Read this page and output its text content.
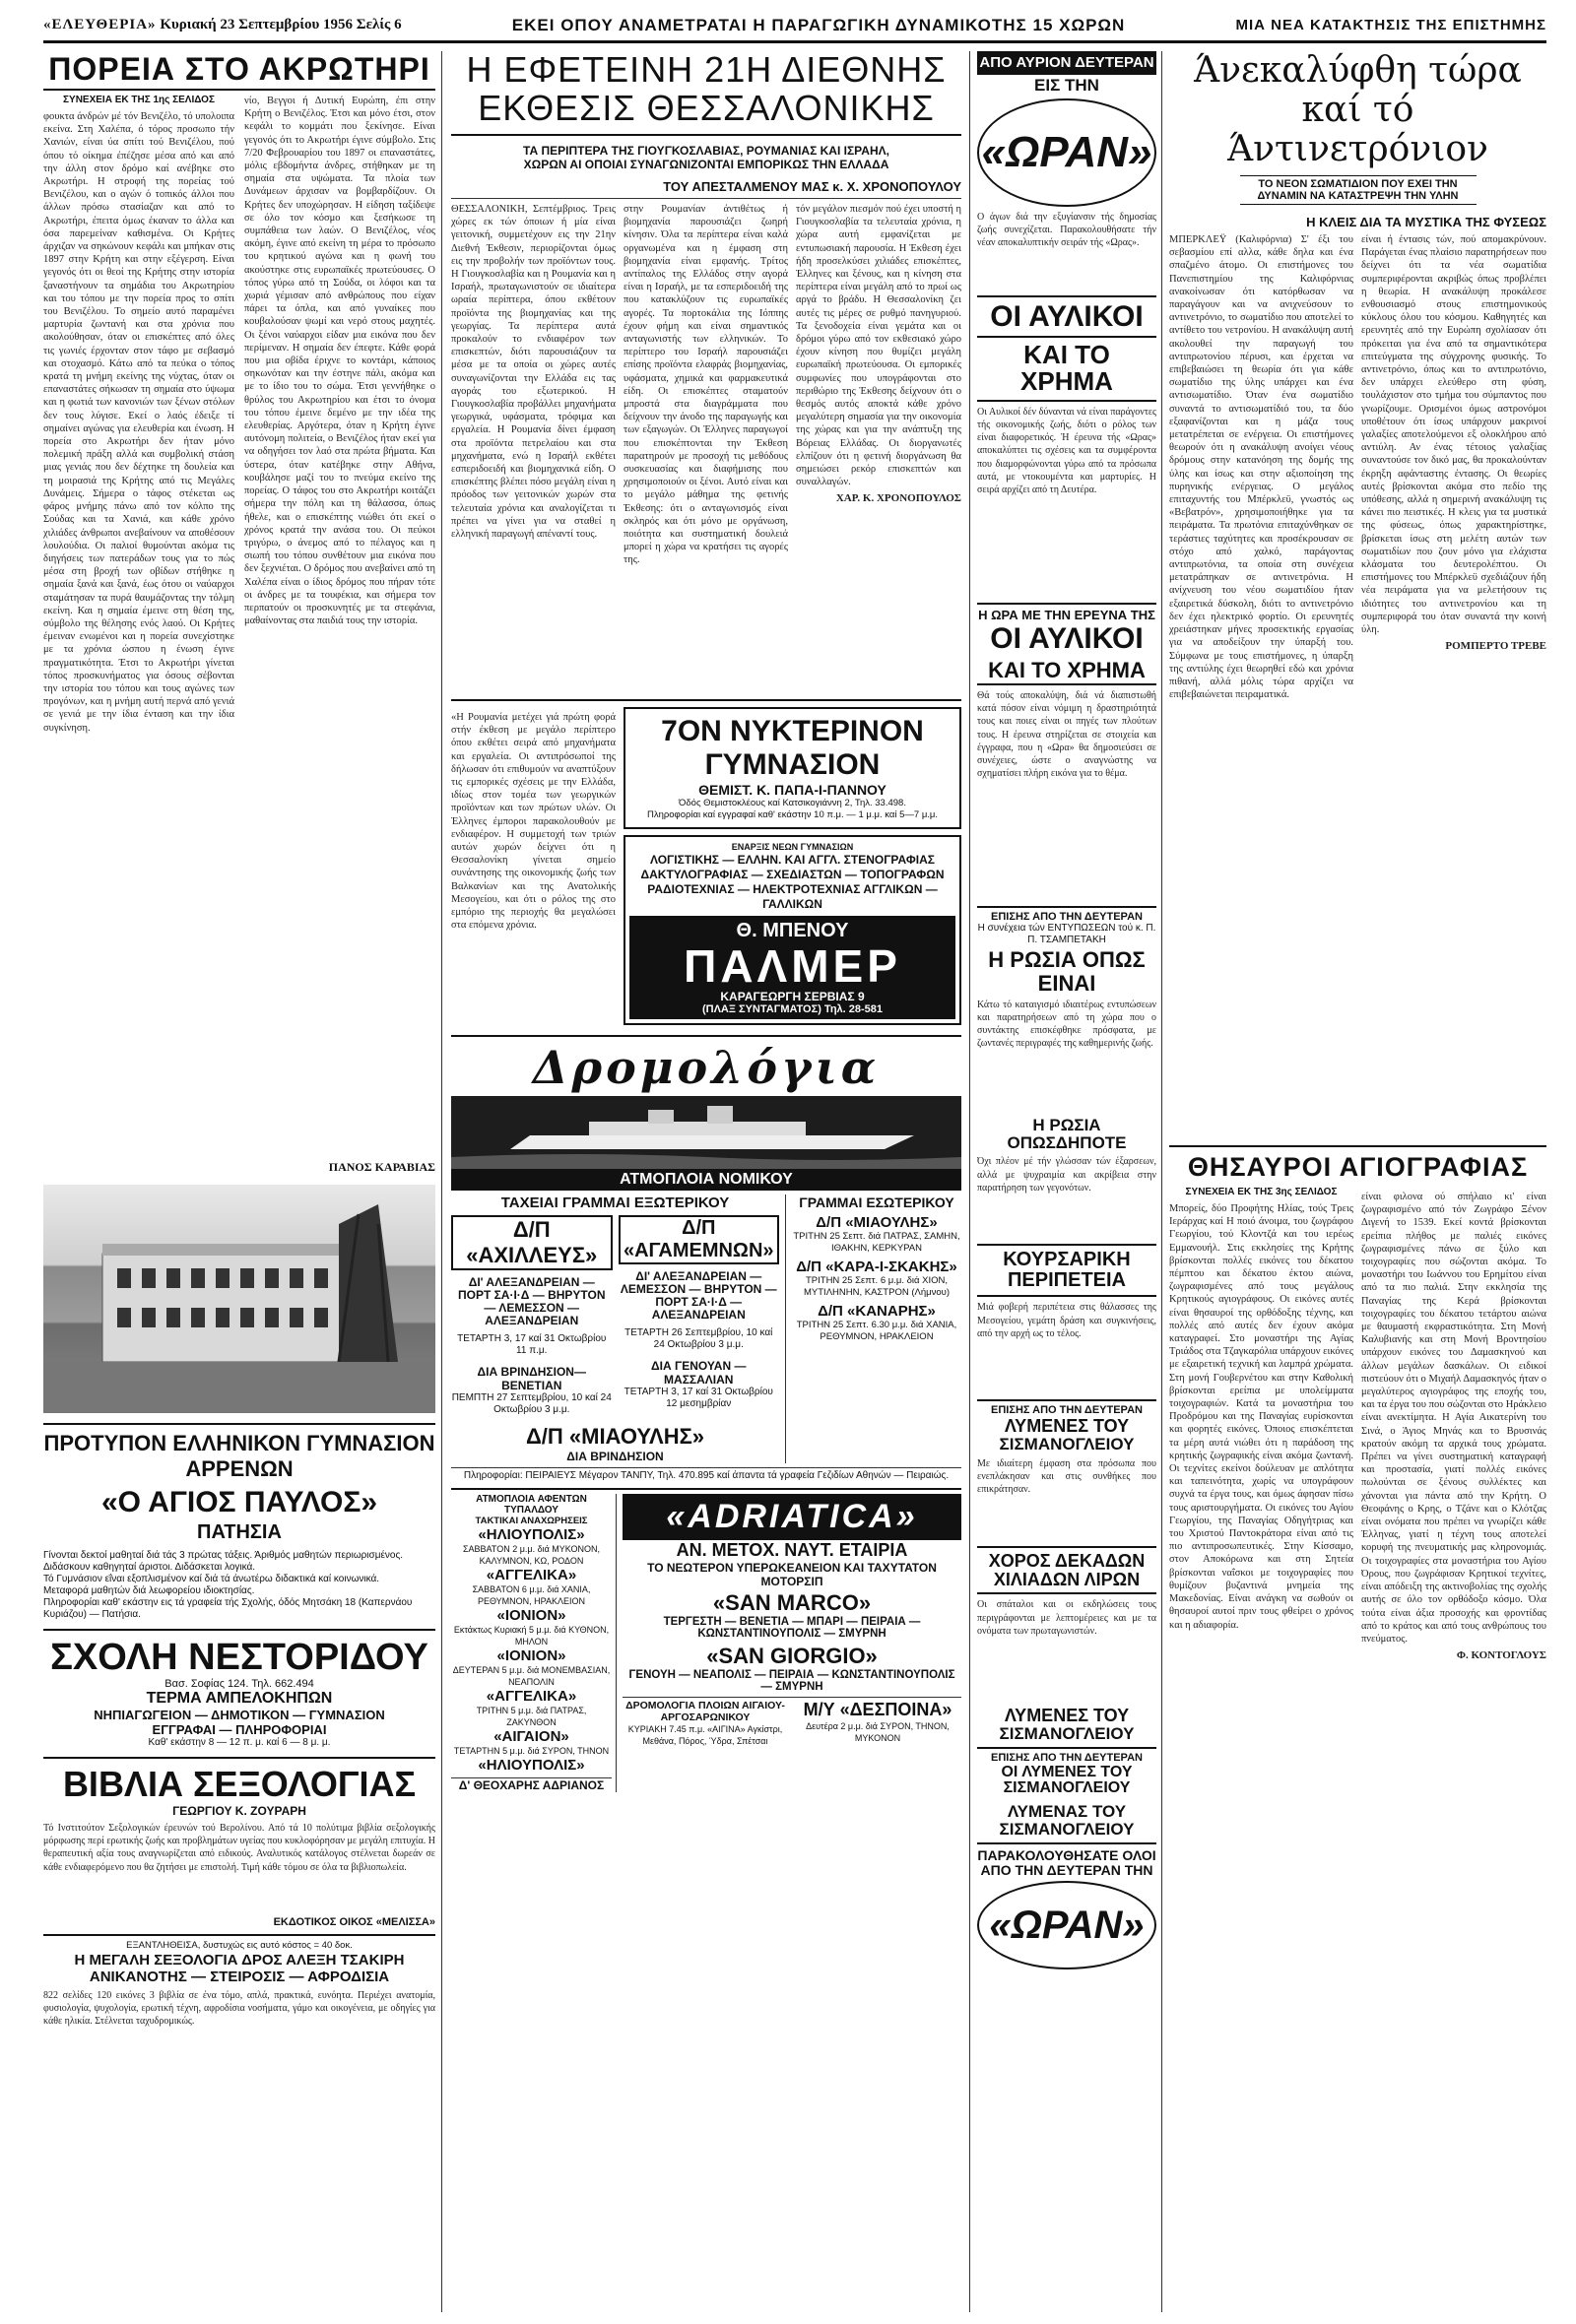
«ΕΛΕΥΘΕΡΙΑ» Κυριακή 23 Σεπτεμβρίου 1956 Σελίς 6	ΕΚΕΙ ΟΠΟΥ ΑΝΑΜΕΤΡΑΤΑΙ Η ΠΑΡΑΓΩΓΙΚΗ ΔΥΝΑΜΙΚΟΤΗΣ 15 ΧΩΡΩΝ	ΜΙΑ ΝΕΑ ΚΑΤΑΚΤΗΣΙΣ ΤΗΣ ΕΠΙΣΤΗΜΗΣ
ΠΟΡΕΙΑ ΣΤΟ ΑΚΡΩΤΗΡΙ
ΣΥΝΕΧΕΙΑ ΕΚ ΤΗΣ 1ης ΣΕΛΙΔΟΣ
φουκτα άνδρών μέ τόν Βενιζέλο, τό υπολοιπα εκείνα. Στη Χαλέπα, ό τόρος προσωπο τήν Χανιών, είναι ύα σπίτι τού Βενιζέλου, πού όπου τό οίκημα έπέζησε μέσα από και από την άλλη στον δρόμο καί ανέβηκε στο Ακρωτήρι. Η στροφή της πορείας τού Βενιζέλου, και ο αγών ό τοπικός άλλοι που άλλων πρόσω στασίαζαν και από το Ακρωτήρι, έπειτα όμως έκαναν το άλλα και όσα παρεμείναν καθισμένα. Οι Κρήτες άρχιζαν να σηκώνουν κεφάλι και μπήκαν στις 1897 στην Κρήτη και στην εξέγερση. Είναι γεγονός ότι οι θεοί της Κρήτης στην ιστορία ξαναστήνουν τα σημάδια του Ακρωτηρίου και του τόπου με την πορεία προς το σπίτι του Βενιζέλου. Το σημείο αυτό παραμένει μαρτυρία ζωντανή και στα χρόνια που ακολούθησαν, όταν οι επισκέπτες από όλες τις γωνιές έρχονταν στον τάφο με σεβασμό και στοχασμό. Κάτω από τα πεύκα ο τόπος κρατά τη μνήμη εκείνης της νύχτας, όταν οι επαναστάτες σήκωσαν τη σημαία στο ύψωμα και η φωτιά των κανονιών των ξένων στόλων δεν τους λύγισε. Εκεί ο λαός έδειξε τί σημαίνει αγώνας για ελευθερία και ένωση. Η πορεία στο Ακρωτήρι δεν ήταν μόνο πολεμική πράξη αλλά και συμβολική στάση μιας γενιάς που δεν δέχτηκε τη δουλεία και τη μοιρασιά της Κρήτης από τις Μεγάλες Δυνάμεις. Σήμερα ο τάφος στέκεται ως φάρος μνήμης πάνω από τον κόλπο της Σούδας και τα Χανιά, και κάθε χρόνο χιλιάδες άνθρωποι ανεβαίνουν να αποθέσουν λουλούδια. Οι παλιοί θυμούνται ακόμα τις διηγήσεις των πατεράδων τους για το πώς μέσα στη βροχή των οβίδων στήθηκε η σημαία ξανά και ξανά, έως ότου οι ναύαρχοι σταμάτησαν τα πυρά θαυμάζοντας την τόλμη εκείνη. Και η σημαία έμεινε στη θέση της, σύμβολο της θέλησης ενός λαού. Οι Κρήτες έμειναν ενωμένοι και η πορεία συνεχίστηκε με τα χρόνια ώσπου η ένωση έγινε πραγματικότητα. Έτσι το Ακρωτήρι γίνεται τόπος προσκυνήματος για όσους σέβονται την ιστορία του τόπου και τους αγώνες των προγόνων, και η μνήμη αυτή περνά από γενιά σε γενιά με την ίδια ένταση και την ίδια συγκίνηση.
νίο, Βεγγοι ή Δυτική Ευρώπη, έπι στην Κρήτη ο Βενιζέλος. Έτσι και μόνο έτσι, στον κεφάλι το κομμάτι που ξεκίνησε. Είναι γεγονός ότι το Ακρωτήρι έγινε σύμβολο. Στις 7/20 Φεβρουαρίου του 1897 οι επαναστάτες, μόλις εβδομήντα άνδρες, στήθηκαν με τη σημαία στα υψώματα. Τα πλοία των Δυνάμεων άρχισαν να βομβαρδίζουν. Οι Κρήτες δεν υποχώρησαν. Η είδηση ταξίδεψε σε όλο τον κόσμο και ξεσήκωσε τη συμπάθεια των λαών. Ο Βενιζέλος, νέος ακόμη, έγινε από εκείνη τη μέρα το πρόσωπο του κρητικού αγώνα και η φωνή του ακούστηκε στις ευρωπαϊκές πρωτεύουσες. Ο τόπος γύρω από τη Σούδα, οι λόφοι και τα χωριά γέμισαν από ανθρώπους που είχαν πάρει τα όπλα, και από γυναίκες που κουβαλούσαν ψωμί και νερό στους μαχητές. Οι ξένοι ναύαρχοι είδαν μια εικόνα που δεν περίμεναν. Η σημαία δεν έπεφτε. Κάθε φορά που μια οβίδα έριχνε το κοντάρι, κάποιος σηκωνόταν και την έστηνε πάλι, ακόμα και με το ίδιο του το σώμα. Έτσι γεννήθηκε ο θρύλος του Ακρωτηρίου και έτσι το όνομα του τόπου έμεινε δεμένο με την ιδέα της ελευθερίας. Αργότερα, όταν η Κρήτη έγινε αυτόνομη πολιτεία, ο Βενιζέλος ήταν εκεί για να οδηγήσει τον λαό στα πρώτα βήματα. Και ύστερα, όταν κατέβηκε στην Αθήνα, κουβάλησε μαζί του το πνεύμα εκείνο της πορείας. Ο τάφος του στο Ακρωτήρι κοιτάζει σήμερα την πόλη και τη θάλασσα, όπως ήθελε, και ο επισκέπτης νιώθει ότι εκεί ο χρόνος κρατά την ανάσα του. Οι πεύκοι τριγύρω, ο άνεμος από το πέλαγος και η σιωπή του τόπου συνθέτουν μια εικόνα που δεν ξεχνιέται. Ο δρόμος που ανεβαίνει από τη Χαλέπα είναι ο ίδιος δρόμος που πήραν τότε οι άνδρες με τα τουφέκια, και σήμερα τον περπατούν οι προσκυνητές με τα στεφάνια, μαθαίνοντας στα παιδιά τους την ιστορία.
ΠΑΝΟΣ ΚΑΡΑΒΙΑΣ
ΠΡΟΤΥΠΟΝ ΕΛΛΗΝΙΚΟΝ ΓΥΜΝΑΣΙΟΝ ΑΡΡΕΝΩΝ
«Ο ΑΓΙΟΣ ΠΑΥΛΟΣ»
ΠΑΤΗΣΙΑ
Γίνονται δεκτοί μαθηταί διά τάς 3 πρώτας τάξεις. Άριθμός μαθητών περιωρισμένος.
Διδάσκουν καθηγηταί άριστοι. Διδάσκεται λογικά.
Τό Γυμνάσιον εΐναι εξοπλισμένον καί διά τά άνωτέρω διδακτικά καί κοινωνικά.
Μεταφορά μαθητών διά λεωφορείου ιδιοκτησίας.
Πληροφορίαι καθ' εκάστην εις τά γραφεία τής Σχολής, όδός Μητσάκη 18 (Καπερνάου Κυριάζου) — Πατήσια.
ΣΧΟΛΗ ΝΕΣΤΟΡΙΔΟΥ
Βασ. Σοφίας 124. Τηλ. 662.494
ΤΕΡΜΑ ΑΜΠΕΛΟΚΗΠΩΝ
ΝΗΠΙΑΓΩΓΕΙΟΝ — ΔΗΜΟΤΙΚΟΝ — ΓΥΜΝΑΣΙΟΝ
ΕΓΓΡΑΦΑΙ — ΠΛΗΡΟΦΟΡΙΑΙ
Καθ' εκάστην 8 — 12 π. μ. καί 6 — 8 μ. μ.
ΒΙΒΛΙΑ ΣΕΞΟΛΟΓΙΑΣ
ΓΕΩΡΓΙΟΥ Κ. ΖΟΥΡΑΡΗ
Τό Ινστιτούτον Σεξολογικών έρευνών τού Βερολίνου. Από τά 10 πολύτιμα βιβλία σεξολογικής μόρφωσης περί ερωτικής ζωής και προβλημάτων υγείας που κυκλοφόρησαν με μεγάλη επιτυχία. Η θεραπευτική αξία τους αναγνωρίζεται από ειδικούς. Αναλυτικός κατάλογος στέλνεται δωρεάν σε κάθε ενδιαφερόμενο που θα ζητήσει με επιστολή. Τιμή κάθε τόμου σε όλα τα βιβλιοπωλεία.
ΕΚΔΟΤΙΚΟΣ ΟΙΚΟΣ «ΜΕΛΙΣΣΑ»
ΕΞΑΝΤΛΗΘΕΙΣΑ, δυστυχώς εις αυτό κόστος = 40 δοκ.
Η ΜΕΓΑΛΗ ΣΕΞΟΛΟΓΙΑ ΔΡΟΣ ΑΛΕΞΗ ΤΣΑΚΙΡΗ
ΑΝΙΚΑΝΟΤΗΣ — ΣΤΕΙΡΟΣΙΣ — ΑΦΡΟΔΙΣΙΑ
822 σελίδες 120 εικόνες 3 βιβλία σε ένα τόμο, απλά, πρακτικά, ευνόητα. Περιέχει ανατομία, φυσιολογία, ψυχολογία, ερωτική τέχνη, αφροδίσια νοσήματα, γάμο και οικογένεια, με οδηγίες για κάθε ηλικία. Στέλνεται ταχυδρομικώς.
Η ΕΦΕΤΕΙΝΗ 21Η ΔΙΕΘΝΗΣ
ΕΚΘΕΣΙΣ ΘΕΣΣΑΛΟΝΙΚΗΣ
ΤΑ ΠΕΡΙΠΤΕΡΑ ΤΗΣ ΓΙΟΥΓΚΟΣΛΑΒΙΑΣ, ΡΟΥΜΑΝΙΑΣ ΚΑΙ ΙΣΡΑΗΛ,
ΧΩΡΩΝ ΑΙ ΟΠΟΙΑΙ ΣΥΝΑΓΩΝΙΖΟΝΤΑΙ ΕΜΠΟΡΙΚΩΣ ΤΗΝ ΕΛΛΑΔΑ
ΤΟΥ ΑΠΕΣΤΑΛΜΕΝΟΥ ΜΑΣ κ. Χ. ΧΡΟΝΟΠΟΥΛΟΥ
ΘΕΣΣΑΛΟΝΙΚΗ, Σεπτέμβριος. Τρεις χώρες εκ τών όποιων ή μία είναι γειτονική, συμμετέχουν εις την 21ην Διεθνή Έκθεσιν, περιορίζονται όμως εις την προβολήν των προϊόντων τους. Η Γιουγκοσλαβία και η Ρουμανία και η Ισραήλ, πρωταγωνιστούν σε ιδιαίτερα ωραία περίπτερα, όπου εκθέτουν προϊόντα της βιομηχανίας και της γεωργίας. Τα περίπτερα αυτά προκαλούν το ενδιαφέρον των επισκεπτών, διότι παρουσιάζουν τα μέσα με τα οποία οι χώρες αυτές συναγωνίζονται την Ελλάδα εις τας αγοράς του εξωτερικού. Η Γιουγκοσλαβία προβάλλει μηχανήματα γεωργικά, υφάσματα, τρόφιμα και εργαλεία. Η Ρουμανία δίνει έμφαση στα προϊόντα πετρελαίου και στα μηχανήματα, ενώ η Ισραήλ εκθέτει εσπεριδοειδή και βιομηχανικά είδη. Ο επισκέπτης βλέπει πόσο μεγάλη είναι η πρόοδος των γειτονικών χωρών στα τελευταία χρόνια και αναλογίζεται τι πρέπει να γίνει για να σταθεί η ελληνική παραγωγή απέναντί τους.
στην Ρουμανίαν άντιθέτως ή βιομηχανία παρουσιάζει ζωηρή κίνησιν. Όλα τα περίπτερα είναι καλά οργανωμένα και η έμφαση στη βιομηχανία είναι εμφανής. Τρίτος αντίπαλος της Ελλάδος στην αγορά είναι η Ισραήλ, με τα εσπεριδοειδή της που κατακλύζουν τις ευρωπαϊκές αγορές. Τα πορτοκάλια της Ιόππης έχουν φήμη και είναι σημαντικός ανταγωνιστής των ελληνικών. Το περίπτερο του Ισραήλ παρουσιάζει επίσης προϊόντα ελαφράς βιομηχανίας, υφάσματα, χημικά και φαρμακευτικά είδη. Οι επισκέπτες σταματούν μπροστά στα διαγράμματα που δείχνουν την άνοδο της παραγωγής και των εξαγωγών. Οι Έλληνες παραγωγοί που επισκέπτονται την Έκθεση παρατηρούν με προσοχή τις μεθόδους συσκευασίας και διαφήμισης που χρησιμοποιούν οι ξένοι. Αυτό είναι και το μεγάλο μάθημα της φετινής Έκθεσης: ότι ο ανταγωνισμός είναι σκληρός και ότι μόνο με οργάνωση, ποιότητα και συστηματική δουλειά μπορεί η χώρα να κρατήσει τις αγορές της.
τόν μεγάλον πιεσμόν πού έχει υποστή η Γιουγκοσλαβία τα τελευταία χρόνια, η χώρα αυτή εμφανίζεται με εντυπωσιακή παρουσία. Η Έκθεση έχει ήδη προσελκύσει χιλιάδες επισκέπτες, Έλληνες και ξένους, και η κίνηση στα περίπτερα είναι μεγάλη από το πρωί ως αργά το βράδυ. Η Θεσσαλονίκη ζει αυτές τις μέρες σε ρυθμό πανηγυριού. Τα ξενοδοχεία είναι γεμάτα και οι δρόμοι γύρω από τον εκθεσιακό χώρο έχουν κίνηση που θυμίζει μεγάλη ευρωπαϊκή πρωτεύουσα. Οι εμπορικές συμφωνίες που υπογράφονται στο περιθώριο της Έκθεσης δείχνουν ότι ο θεσμός αυτός αποκτά κάθε χρόνο μεγαλύτερη σημασία για την οικονομία της χώρας και για την ανάπτυξη της Βόρειας Ελλάδας. Οι διοργανωτές ελπίζουν ότι η φετινή διοργάνωση θα σημειώσει ρεκόρ επισκεπτών και συναλλαγών.
ΧΑΡ. Κ. ΧΡΟΝΟΠΟΥΛΟΣ
«Η Ρουμανία μετέχει γιά πρώτη φορά στήν έκθεση με μεγάλο περίπτερο όπου εκθέτει σειρά από μηχανήματα και εργαλεία. Οι αντιπρόσωποί της δήλωσαν ότι επιθυμούν να αναπτύξουν τις εμπορικές σχέσεις με την Ελλάδα, ιδίως στον τομέα των γεωργικών προϊόντων και των πρώτων υλών. Οι Έλληνες έμποροι παρακολουθούν με ενδιαφέρον. Η συμμετοχή των τριών αυτών χωρών δείχνει ότι η Θεσσαλονίκη γίνεται σημείο συνάντησης της οικονομικής ζωής των Βαλκανίων και της Ανατολικής Μεσογείου, και ότι ο ρόλος της στο εμπόριο της περιοχής θα μεγαλώσει στα επόμενα χρόνια.
7ΟΝ ΝΥΚΤΕΡΙΝΟΝ ΓΥΜΝΑΣΙΟΝ
ΘΕΜΙΣΤ. Κ. ΠΑΠΑ-Ι-ΠΑΝΝΟΥ
Όδός Θεμιστοκλέους καί Κατσικογιάννη 2, Τηλ. 33.498.
Πληροφορίαι καί εγγραφαί καθ' εκάστην 10 π.μ. — 1 μ.μ. καί 5—7 μ.μ.
ΕΝΑΡΞΙΣ ΝΕΩΝ ΓΥΜΝΑΣΙΩΝ
ΛΟΓΙΣΤΙΚΗΣ — ΕΛΛΗΝ. ΚΑΙ ΑΓΓΛ. ΣΤΕΝΟΓΡΑΦΙΑΣ ΔΑΚΤΥΛΟΓΡΑΦΙΑΣ — ΣΧΕΔΙΑΣΤΩΝ — ΤΟΠΟΓΡΑΦΩΝ ΡΑΔΙΟΤΕΧΝΙΑΣ — ΗΛΕΚΤΡΟΤΕΧΝΙΑΣ ΑΓΓΛΙΚΩΝ — ΓΑΛΛΙΚΩΝ
Θ. ΜΠΕΝΟΥ
ΠΑΛΜΕΡ
ΚΑΡΑΓΕΩΡΓΗ ΣΕΡΒΙΑΣ 9
(ΠΛΑΞ ΣΥΝΤΑΓΜΑΤΟΣ) Τηλ. 28-581
Δρομολόγια
ΑΤΜΟΠΛΟΙΑ ΝΟΜΙΚΟΥ
ΤΑΧΕΙΑΙ ΓΡΑΜΜΑΙ ΕΞΩΤΕΡΙΚΟΥ
Δ/Π «ΑΧΙΛΛΕΥΣ»
ΔΙ' ΑΛΕΞΑΝΔΡΕΙΑΝ — ΠΟΡΤ ΣΑ·Ι·Δ — ΒΗΡΥΤΟΝ — ΛΕΜΕΣΣΟΝ — ΑΛΕΞΑΝΔΡΕΙΑΝ
ΤΕΤΑΡΤΗ 3, 17 καί 31 Οκτωβρίου 11 π.μ.
ΔΙΑ ΒΡΙΝΔΗΣΙΟΝ—ΒΕΝΕΤΙΑΝ
ΠΕΜΠΤΗ 27 Σεπτεμβρίου, 10 καί 24 Οκτωβρίου 3 μ.μ.
Δ/Π «ΑΓΑΜΕΜΝΩΝ»
ΔΙ' ΑΛΕΞΑΝΔΡΕΙΑΝ — ΛΕΜΕΣΣΟΝ — ΒΗΡΥΤΟΝ — ΠΟΡΤ ΣΑ·Ι·Δ — ΑΛΕΞΑΝΔΡΕΙΑΝ
ΤΕΤΑΡΤΗ 26 Σεπτεμβρίου, 10 καί 24 Οκτωβρίου 3 μ.μ.
ΔΙΑ ΓΕΝΟΥΑΝ — ΜΑΣΣΑΛΙΑΝ
ΤΕΤΑΡΤΗ 3, 17 καί 31 Οκτωβρίου 12 μεσημβρίαν
Δ/Π «ΜΙΑΟΥΛΗΣ»
ΔΙΑ ΒΡΙΝΔΗΣΙΟΝ
ΓΡΑΜΜΑΙ ΕΣΩΤΕΡΙΚΟΥ
Δ/Π «ΜΙΑΟΥΛΗΣ»
ΤΡΙΤΗΝ 25 Σεπτ. διά ΠΑΤΡΑΣ, ΣΑΜΗΝ, ΙΘΑΚΗΝ, ΚΕΡΚΥΡΑΝ
Δ/Π «ΚΑΡΑ-Ι-ΣΚΑΚΗΣ»
ΤΡΙΤΗΝ 25 Σεπτ. 6 μ.μ. διά ΧΙΟΝ, ΜΥΤΙΛΗΝΗΝ, ΚΑΣΤΡΟΝ (Λήμνου)
Δ/Π «ΚΑΝΑΡΗΣ»
ΤΡΙΤΗΝ 25 Σεπτ. 6.30 μ.μ. διά ΧΑΝΙΑ, ΡΕΘΥΜΝΟΝ, ΗΡΑΚΛΕΙΟΝ
Πληροφορίαι: ΠΕΙΡΑΙΕΥΣ Μέγαρον ΤΑΝΠΥ, Τηλ. 470.895 καί άπαντα τά γραφεία Γεζιδίων Αθηνών — Πειραιώς.
ΑΤΜΟΠΛΟΙΑ ΑΦΕΝΤΩΝ ΤΥΠΑΛΔΟΥ
ΤΑΚΤΙΚΑΙ ΑΝΑΧΩΡΗΣΕΙΣ
«ΗΛΙΟΥΠΟΛΙΣ»
ΣΑΒΒΑΤΟΝ 2 μ.μ. διά ΜΥΚΟΝΟΝ, ΚΑΛΥΜΝΟΝ, ΚΩ, ΡΟΔΟΝ
«ΑΓΓΕΛΙΚΑ»
ΣΑΒΒΑΤΟΝ 6 μ.μ. διά ΧΑΝΙΑ, ΡΕΘΥΜΝΟΝ, ΗΡΑΚΛΕΙΟΝ
«ΙΟΝΙΟΝ»
Εκτάκτως Κυριακή 5 μ.μ. διά ΚΥΘΝΟΝ, ΜΗΛΟΝ
«ΙΟΝΙΟΝ»
ΔΕΥΤΕΡΑΝ 5 μ.μ. διά ΜΟΝΕΜΒΑΣΙΑΝ, ΝΕΑΠΟΛΙΝ
«ΑΓΓΕΛΙΚΑ»
ΤΡΙΤΗΝ 5 μ.μ. διά ΠΑΤΡΑΣ, ΖΑΚΥΝΘΟΝ
«ΑΙΓΑΙΟΝ»
ΤΕΤΑΡΤΗΝ 5 μ.μ. διά ΣΥΡΟΝ, ΤΗΝΟΝ
«ΗΛΙΟΥΠΟΛΙΣ»
Δ' ΘΕΟΧΑΡΗΣ ΑΔΡΙΑΝΟΣ
«ADRIATICA»
ΑΝ. ΜΕΤΟΧ. ΝΑΥΤ. ΕΤΑΙΡΙΑ
ΤΟ ΝΕΩΤΕΡΟΝ ΥΠΕΡΩΚΕΑΝΕΙΟΝ ΚΑΙ ΤΑΧΥΤΑΤΟΝ ΜΟΤΟΡΣΙΠ
«SAN MARCO»
ΤΕΡΓΕΣΤΗ — ΒΕΝΕΤΙΑ — ΜΠΑΡΙ — ΠΕΙΡΑΙΑ — ΚΩΝΣΤΑΝΤΙΝΟΥΠΟΛΙΣ — ΣΜΥΡΝΗ
«SAN GIORGIO»
ΓΕΝΟΥΗ — ΝΕΑΠΟΛΙΣ — ΠΕΙΡΑΙΑ — ΚΩΝΣΤΑΝΤΙΝΟΥΠΟΛΙΣ — ΣΜΥΡΝΗ
ΔΡΟΜΟΛΟΓΙΑ ΠΛΟΙΩΝ ΑΙΓΑΙΟΥ-ΑΡΓΟΣΑΡΩΝΙΚΟΥ
ΚΥΡΙΑΚΗ 7.45 π.μ. «ΑΙΓΙΝΑ» Αγκίστρι, Μεθάνα, Πόρος, Ύδρα, Σπέτσαι
Μ/Υ «ΔΕΣΠΟΙΝΑ»
Δευτέρα 2 μ.μ. διά ΣΥΡΟΝ, ΤΗΝΟΝ, ΜΥΚΟΝΟΝ
ΑΠΟ ΑΥΡΙΟΝ ΔΕΥΤΕΡΑΝ
ΕΙΣ ΤΗΝ
«ΩΡΑΝ»
Ο άγων διά την εξυγίανσιν τής δημοσίας ζωής συνεχίζεται. Παρακολουθήσατε τήν νέαν αποκαλυπτικήν σειράν τής «Ωρας».
ΟΙ ΑΥΛΙΚΟΙ
ΚΑΙ ΤΟ ΧΡΗΜΑ
Οι Αυλικοί δέν δύνανται νά είναι παράγοντες τής οικονομικής ζωής, διότι ο ρόλος των είναι διαφορετικός. Ή έρευνα τής «Ωρας» αποκαλύπτει τις σχέσεις και τα συμφέροντα που διαμορφώνονται γύρω από τα πρόσωπα αυτά, με ντοκουμέντα και μαρτυρίες. Η σειρά αρχίζει από τη Δευτέρα.
Η ΩΡΑ ΜΕ ΤΗΝ ΕΡΕΥΝΑ ΤΗΣ
ΟΙ ΑΥΛΙΚΟΙ
ΚΑΙ ΤΟ ΧΡΗΜΑ
Θά τούς αποκαλύψη, διά νά διαπιστωθή κατά πόσον είναι νόμιμη η δραστηριότητά τους και ποιες είναι οι πηγές των πλούτων τους. Η έρευνα στηρίζεται σε στοιχεία και έγγραφα, που η «Ωρα» θα δημοσιεύσει σε συνέχειες, ώστε ο αναγνώστης να σχηματίσει πλήρη εικόνα για το θέμα.
ΕΠΙΣΗΣ ΑΠΟ ΤΗΝ ΔΕΥΤΕΡΑΝ
Η συνέχεια τών ΕΝΤΥΠΩΣΕΩΝ τού κ. Π. Π. ΤΣΑΜΠΕΤΑΚΗ
Η ΡΩΣΙΑ ΟΠΩΣ ΕΙΝΑΙ
Κάτω τό καταιγισμό ιδιαιτέρως εντυπώσεων και παρατηρήσεων από τη χώρα που ο συντάκτης επισκέφθηκε πρόσφατα, με ζωντανές περιγραφές της καθημερινής ζωής.
Η ΡΩΣΙΑ ΟΠΩΣΔΗΠΟΤΕ
Όχι πλέον μέ τήν γλώσσαν τών έξαρσεων, αλλά με ψυχραιμία και ακρίβεια στην παρατήρηση των γεγονότων.
ΚΟΥΡΣΑΡΙΚΗ
ΠΕΡΙΠΕΤΕΙΑ
Μιά φοβερή περιπέτεια στις θάλασσες της Μεσογείου, γεμάτη δράση και συγκινήσεις, από την αρχή ως το τέλος.
ΕΠΙΣΗΣ ΑΠΟ ΤΗΝ ΔΕΥΤΕΡΑΝ
ΛΥΜΕΝΕΣ ΤΟΥ
ΣΙΣΜΑΝΟΓΛΕΙΟΥ
Με ιδιαίτερη έμφαση στα πρόσωπα που ενεπλάκησαν και στις συνθήκες που επικράτησαν.
ΧΟΡΟΣ ΔΕΚΑΔΩΝ
ΧΙΛΙΑΔΩΝ ΛΙΡΩΝ
Οι σπάταλοι και οι εκδηλώσεις τους περιγράφονται με λεπτομέρειες και με τα ονόματα των πρωταγωνιστών.
ΛΥΜΕΝΕΣ ΤΟΥ
ΣΙΣΜΑΝΟΓΛΕΙΟΥ
ΕΠΙΣΗΣ ΑΠΟ ΤΗΝ ΔΕΥΤΕΡΑΝ
ΟΙ ΛΥΜΕΝΕΣ ΤΟΥ ΣΙΣΜΑΝΟΓΛΕΙΟΥ
ΛΥΜΕΝΑΣ ΤΟΥ
ΣΙΣΜΑΝΟΓΛΕΙΟΥ
ΠΑΡΑΚΟΛΟΥΘΗΣΑΤΕ ΟΛΟΙ ΑΠΟ ΤΗΝ ΔΕΥΤΕΡΑΝ ΤΗΝ
«ΩΡΑΝ»
Άνεκαλύφθη τώρα
καί τό Άντινετρόνιον
ΤΟ ΝΕΟΝ ΣΩΜΑΤΙΔΙΟΝ ΠΟΥ ΕΧΕΙ ΤΗΝ ΔΥΝΑΜΙΝ ΝΑ ΚΑΤΑΣΤΡΕΨΗ ΤΗΝ ΥΛΗΝ
Η ΚΛΕΙΣ ΔΙΑ ΤΑ ΜΥΣΤΙΚΑ ΤΗΣ ΦΥΣΕΩΣ
ΜΠΕΡΚΛΕΫ (Καλιφόρνια) Σ' έξι του σεβασμίου επί αλλα, κάθε δηλα και ένα σπαζμένο άτομο. Οι επιστήμονες του Πανεπιστημίου της Καλιφόρνιας ανακοίνωσαν ότι κατόρθωσαν να παραγάγουν και να ανιχνεύσουν το αντινετρόνιο, το σωματίδιο που αποτελεί το αντίθετο του νετρονίου. Η ανακάλυψη αυτή ακολουθεί την παραγωγή του αντιπρωτονίου πέρυσι, και έρχεται να επιβεβαιώσει τη θεωρία ότι για κάθε σωματίδιο της ύλης υπάρχει και ένα αντισωματίδιο. Όταν ένα σωματίδιο συναντά το αντισωματίδιό του, τα δύο εξαφανίζονται και η μάζα τους μετατρέπεται σε ενέργεια. Οι επιστήμονες θεωρούν ότι η ανακάλυψη ανοίγει νέους δρόμους στην κατανόηση της δομής της ύλης και ίσως και στην αξιοποίηση της πυρηνικής ενέργειας. Ο μεγάλος επιταχυντής του Μπέρκλεϋ, γνωστός ως «Βεβατρόν», χρησιμοποιήθηκε για τα πειράματα. Τα πρωτόνια επιταχύνθηκαν σε τεράστιες ταχύτητες και προσέκρουσαν σε στόχο από χαλκό, παράγοντας αντιπρωτόνια, τα οποία στη συνέχεια μετατράπηκαν σε αντινετρόνια. Η ανίχνευση του νέου σωματιδίου ήταν εξαιρετικά δύσκολη, διότι το αντινετρόνιο δεν έχει ηλεκτρικό φορτίο. Οι ερευνητές χρειάστηκαν μήνες προσεκτικής εργασίας για να αποδείξουν την ύπαρξή του. Σύμφωνα με τους επιστήμονες, η ύπαρξη της αντιύλης έχει θεωρηθεί εδώ και χρόνια πιθανή, αλλά μόλις τώρα αρχίζει να επιβεβαιώνεται πειραματικά.
είναι ή έντασις τών, πού απομακρύνουν. Παράγεται ένας πλαίσιο παρατηρήσεων που δείχνει ότι τα νέα σωματίδια συμπεριφέρονται ακριβώς όπως προβλέπει η θεωρία. Η ανακάλυψη προκάλεσε ενθουσιασμό στους επιστημονικούς κύκλους όλου του κόσμου. Καθηγητές και ερευνητές από την Ευρώπη σχολίασαν ότι πρόκειται για ένα από τα σημαντικότερα επιτεύγματα της σύγχρονης φυσικής. Το αντινετρόνιο, όπως και το αντιπρωτόνιο, δεν υπάρχει ελεύθερο στη φύση, τουλάχιστον στο τμήμα του σύμπαντος που γνωρίζουμε. Ορισμένοι όμως αστρονόμοι υποθέτουν ότι ίσως υπάρχουν μακρινοί γαλαξίες αποτελούμενοι εξ ολοκλήρου από αντιύλη. Αν ένας τέτοιος γαλαξίας συναντούσε τον δικό μας, θα προκαλούνταν έκρηξη αφάνταστης έντασης. Οι θεωρίες αυτές βρίσκονται ακόμα στο πεδίο της υπόθεσης, αλλά η σημερινή ανακάλυψη τις κάνει πιο πειστικές. Η κλεις για τα μυστικά της φύσεως, όπως χαρακτηρίστηκε, βρίσκεται ίσως στη μελέτη αυτών των σωματιδίων που ζουν μόνο για ελάχιστα κλάσματα του δευτερολέπτου. Οι επιστήμονες του Μπέρκλεϋ σχεδιάζουν ήδη νέα πειράματα για να μελετήσουν τις ιδιότητες του αντινετρονίου και τη συμπεριφορά του όταν συναντά την κοινή ύλη.
ΡΟΜΠΕΡΤΟ ΤΡΕΒΕ
ΘΗΣΑΥΡΟΙ ΑΓΙΟΓΡΑΦΙΑΣ
ΣΥΝΕΧΕΙΑ ΕΚ ΤΗΣ 3ης ΣΕΛΙΔΟΣ
Μπορείς, δύο Προφήτης Ηλίας, τούς Τρεις Ιεράρχας καί Η ποιό άνοιμα, του ζωγράφου Γεωργίου, τού Κλοντζά και του ιερέως Εμμανουήλ. Στις εκκλησίες της Κρήτης βρίσκονται πολλές εικόνες του δέκατου πέμπτου και δέκατου έκτου αιώνα, ζωγραφισμένες από τους μεγάλους Κρητικούς αγιογράφους. Οι εικόνες αυτές είναι θησαυροί της ορθόδοξης τέχνης, και πολλές από αυτές δεν έχουν ακόμα καταγραφεί. Στο μοναστήρι της Αγίας Τριάδος στα Τζαγκαρόλια υπάρχουν εικόνες με εξαιρετική τεχνική και λαμπρά χρώματα. Στη μονή Γουβερνέτου και στην Καθολική βρίσκονται ερείπια με υπολείμματα τοιχογραφιών. Κατά τα μοναστήρια του Προδρόμου και της Παναγίας ευρίσκονται και φορητές εικόνες. Όποιος επισκέπτεται τα μέρη αυτά νιώθει ότι η παράδοση της κρητικής ζωγραφικής είναι ακόμα ζωντανή. Οι τεχνίτες εκείνοι δούλευαν με απλότητα και ταπεινότητα, χωρίς να υπογράφουν συχνά τα έργα τους, και όμως άφησαν πίσω τους αριστουργήματα. Οι εικόνες του Αγίου Γεωργίου, της Παναγίας Οδηγήτριας και του Χριστού Παντοκράτορα είναι από τις πιο αντιπροσωπευτικές. Στην Κίσσαμο, στον Αποκόρωνα και στη Σητεία βρίσκονται ναΐσκοι με τοιχογραφίες που θυμίζουν βυζαντινά μνημεία της Μακεδονίας. Είναι ανάγκη να σωθούν οι θησαυροί αυτοί πριν τους φθείρει ο χρόνος και η αδιαφορία.
είναι φιλονα ού σπήλαιο κι' είναι ζωγραφισμένο από τόν Ζωγράφο Ξένον Διγενή το 1539. Εκεί κοντά βρίσκονται ερείπια πλήθος με παλιές εικόνες ζωγραφισμένες πάνω σε ξύλο και τοιχογραφίες που σώζονται ακόμα. Το μοναστήρι του Ιωάννου του Ερημίτου είναι από τα πιο παλιά. Στην εκκλησία της Παναγίας της Κερά βρίσκονται τοιχογραφίες του δέκατου τετάρτου αιώνα με θαυμαστή εκφραστικότητα. Στη Μονή Καλυβιανής και στη Μονή Βροντησίου υπάρχουν εικόνες του Δαμασκηνού και άλλων μεγάλων δασκάλων. Οι ειδικοί πιστεύουν ότι ο Μιχαήλ Δαμασκηνός ήταν ο μεγαλύτερος αγιογράφος της εποχής του, και τα έργα του που σώζονται στο Ηράκλειο είναι ανεκτίμητα. Η Αγία Αικατερίνη του Σινά, ο Άγιος Μηνάς και το Βρυσινάς κρατούν ακόμη τα αρχικά τους χρώματα. Πρέπει να γίνει συστηματική καταγραφή και προστασία, γιατί πολλές εικόνες πωλούνται σε ξένους συλλέκτες και χάνονται για πάντα από την Κρήτη. Ο Θεοφάνης ο Κρης, ο Τζάνε και ο Κλότζας είναι ονόματα που πρέπει να γνωρίζει κάθε Έλληνας, γιατί η τέχνη τους αποτελεί κορυφή της πνευματικής μας κληρονομιάς. Οι τοιχογραφίες στα μοναστήρια του Αγίου Όρους, που ζωγράφισαν Κρητικοί τεχνίτες, είναι απόδειξη της ακτινοβολίας της σχολής αυτής σε όλο τον ορθόδοξο κόσμο. Όλα τούτα είναι άξια προσοχής και φροντίδας από το κράτος και από τους ανθρώπους του πνεύματος.
Φ. ΚΟΝΤΟΓΛΟΥΣ
